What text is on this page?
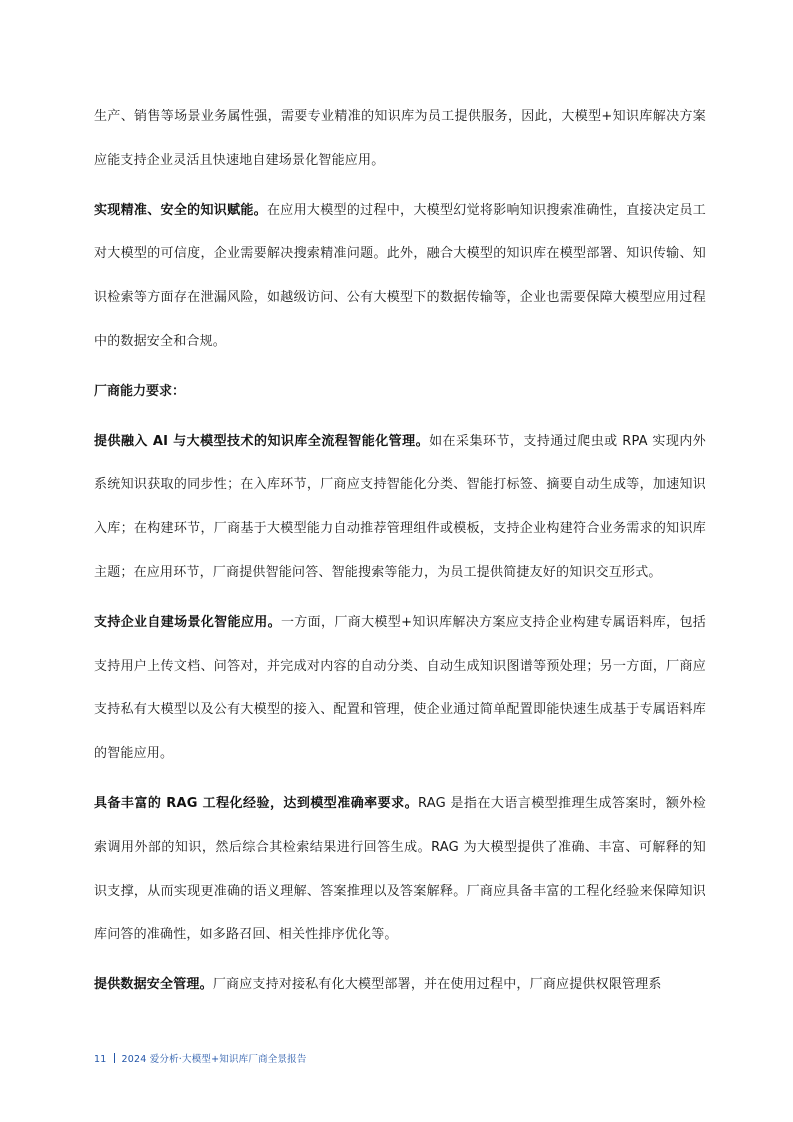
生产、销售等场景业务属性强，需要专业精准的知识库为员工提供服务，因此，大模型+知识库解决方案应能支持企业灵活且快速地自建场景化智能应用。

实现精准、安全的知识赋能。在应用大模型的过程中，大模型幻觉将影响知识搜索准确性，直接决定员工对大模型的可信度，企业需要解决搜索精准问题。此外，融合大模型的知识库在模型部署、知识传输、知识检索等方面存在泄漏风险，如越级访问、公有大模型下的数据传输等，企业也需要保障大模型应用过程中的数据安全和合规。

厂商能力要求：

提供融入 AI 与大模型技术的知识库全流程智能化管理。如在采集环节，支持通过爬虫或 RPA 实现内外系统知识获取的同步性；在入库环节，厂商应支持智能化分类、智能打标签、摘要自动生成等，加速知识入库；在构建环节，厂商基于大模型能力自动推荐管理组件或模板，支持企业构建符合业务需求的知识库主题；在应用环节，厂商提供智能问答、智能搜索等能力，为员工提供简捷友好的知识交互形式。

支持企业自建场景化智能应用。一方面，厂商大模型+知识库解决方案应支持企业构建专属语料库，包括支持用户上传文档、问答对，并完成对内容的自动分类、自动生成知识图谱等预处理；另一方面，厂商应支持私有大模型以及公有大模型的接入、配置和管理，使企业通过简单配置即能快速生成基于专属语料库的智能应用。

具备丰富的 RAG 工程化经验，达到模型准确率要求。RAG 是指在大语言模型推理生成答案时，额外检索调用外部的知识，然后综合其检索结果进行回答生成。RAG 为大模型提供了准确、丰富、可解释的知识支撑，从而实现更准确的语义理解、答案推理以及答案解释。厂商应具备丰富的工程化经验来保障知识库问答的准确性，如多路召回、相关性排序优化等。

提供数据安全管理。厂商应支持对接私有化大模型部署，并在使用过程中，厂商应提供权限管理系

11 2024 爱分析·大模型+知识库厂商全景报告
